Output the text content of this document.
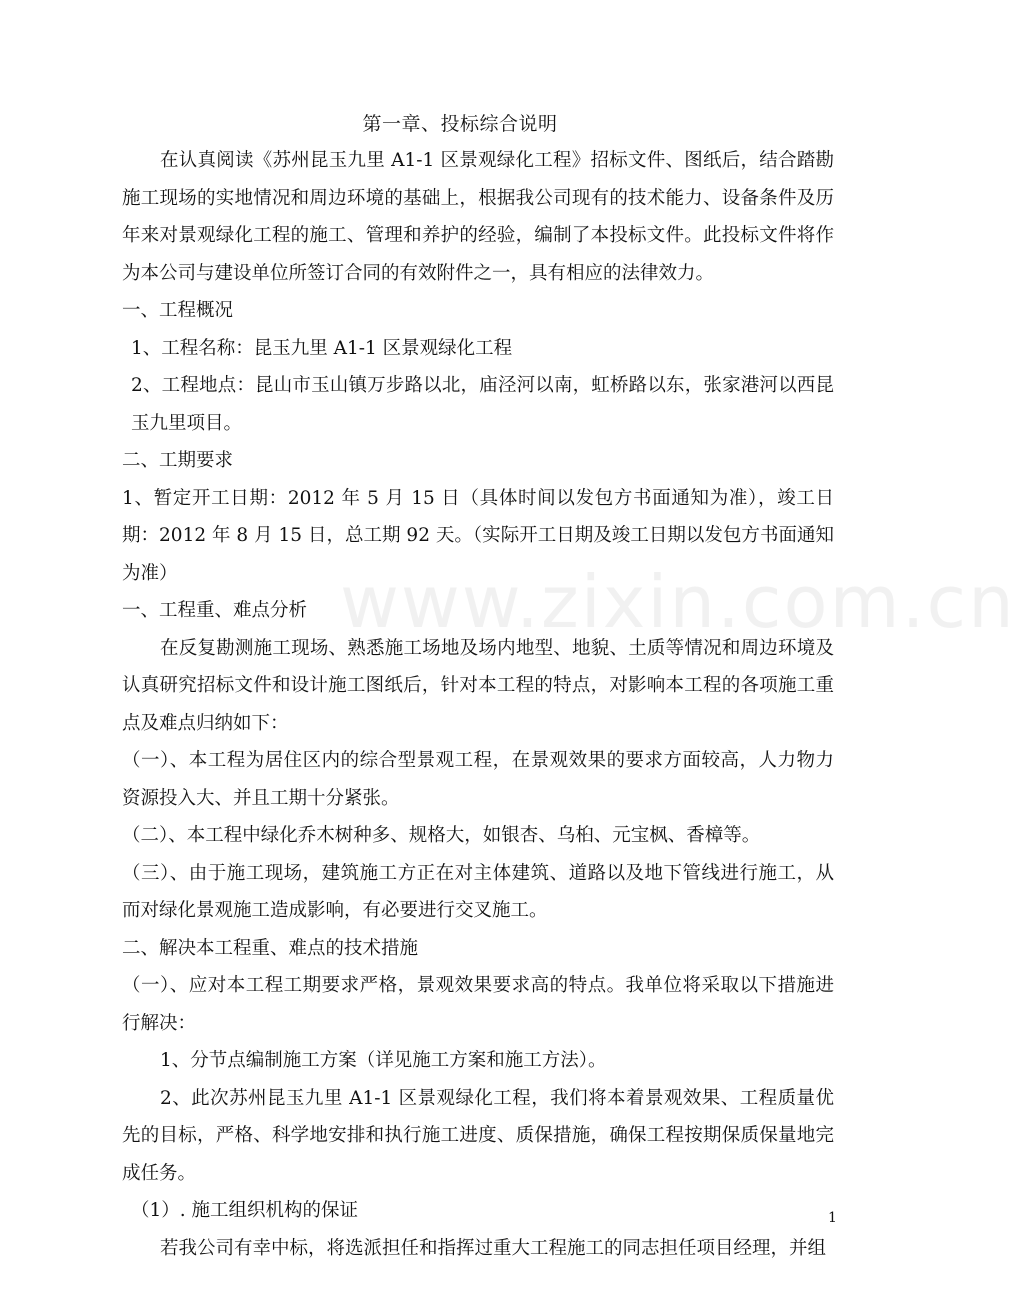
第一章、投标综合说明

在认真阅读《苏州昆玉九里 A1-1 区景观绿化工程》招标文件、图纸后，结合踏勘施工现场的实地情况和周边环境的基础上，根据我公司现有的技术能力、设备条件及历年来对景观绿化工程的施工、管理和养护的经验，编制了本投标文件。此投标文件将作为本公司与建设单位所签订合同的有效附件之一，具有相应的法律效力。

一、工程概况

1、工程名称：昆玉九里 A1-1 区景观绿化工程

2、工程地点：昆山市玉山镇万步路以北，庙泾河以南，虹桥路以东，张家港河以西昆玉九里项目。

二、工期要求

1、暂定开工日期：2012 年 5 月 15 日（具体时间以发包方书面通知为准），竣工日期：2012 年 8 月 15 日，总工期 92 天。（实际开工日期及竣工日期以发包方书面通知为准）

一、工程重、难点分析

在反复勘测施工现场、熟悉施工场地及场内地型、地貌、土质等情况和周边环境及认真研究招标文件和设计施工图纸后，针对本工程的特点，对影响本工程的各项施工重点及难点归纳如下：

（一）、本工程为居住区内的综合型景观工程，在景观效果的要求方面较高，人力物力资源投入大、并且工期十分紧张。

（二）、本工程中绿化乔木树种多、规格大，如银杏、乌桕、元宝枫、香樟等。

（三）、由于施工现场，建筑施工方正在对主体建筑、道路以及地下管线进行施工，从而对绿化景观施工造成影响，有必要进行交叉施工。

二、解决本工程重、难点的技术措施

（一）、应对本工程工期要求严格，景观效果要求高的特点。我单位将采取以下措施进行解决：

1、分节点编制施工方案（详见施工方案和施工方法）。

2、此次苏州昆玉九里 A1-1 区景观绿化工程，我们将本着景观效果、工程质量优先的目标，严格、科学地安排和执行施工进度、质保措施，确保工程按期保质保量地完成任务。

（1）. 施工组织机构的保证

若我公司有幸中标，将选派担任和指挥过重大工程施工的同志担任项目经理，并组

www.zixin.com.cn
1
